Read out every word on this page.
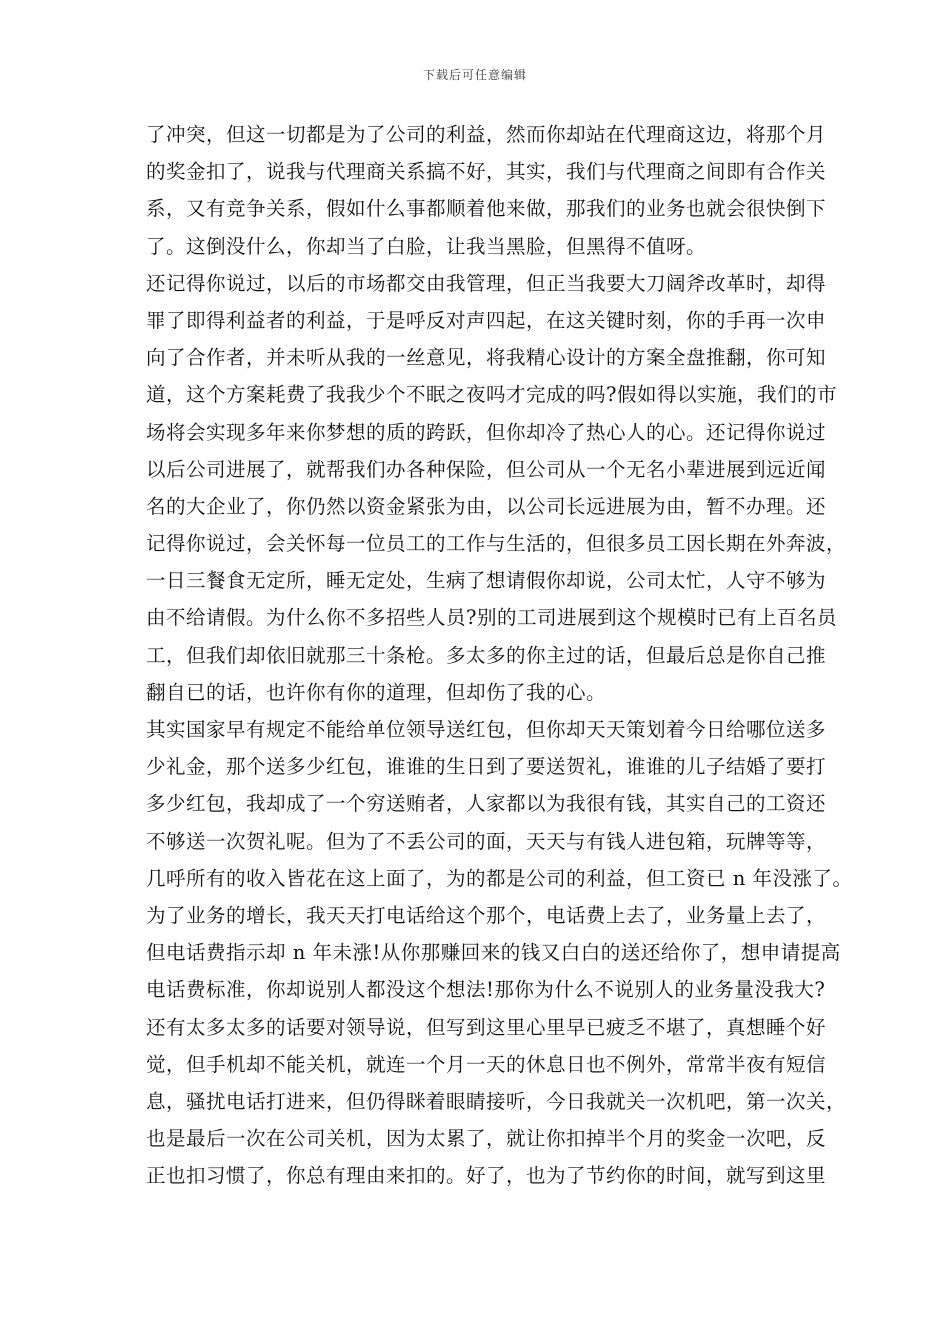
下载后可任意编辑
了冲突，但这一切都是为了公司的利益，然而你却站在代理商这边，将那个月
的奖金扣了，说我与代理商关系搞不好，其实，我们与代理商之间即有合作关
系，又有竞争关系，假如什么事都顺着他来做，那我们的业务也就会很快倒下
了。这倒没什么，你却当了白脸，让我当黑脸，但黑得不值呀。
还记得你说过，以后的市场都交由我管理，但正当我要大刀阔斧改革时，却得
罪了即得利益者的利益，于是呼反对声四起，在这关键时刻，你的手再一次申
向了合作者，并未听从我的一丝意见，将我精心设计的方案全盘推翻，你可知
道，这个方案耗费了我我少个不眠之夜吗才完成的吗?假如得以实施，我们的市
场将会实现多年来你梦想的质的跨跃，但你却冷了热心人的心。还记得你说过
以后公司进展了，就帮我们办各种保险，但公司从一个无名小辈进展到远近闻
名的大企业了，你仍然以资金紧张为由，以公司长远进展为由，暂不办理。还
记得你说过，会关怀每一位员工的工作与生活的，但很多员工因长期在外奔波，
一日三餐食无定所，睡无定处，生病了想请假你却说，公司太忙，人守不够为
由不给请假。为什么你不多招些人员?别的工司进展到这个规模时已有上百名员
工，但我们却依旧就那三十条枪。多太多的你主过的话，但最后总是你自己推
翻自已的话，也许你有你的道理，但却伤了我的心。
其实国家早有规定不能给单位领导送红包，但你却天天策划着今日给哪位送多
少礼金，那个送多少红包，谁谁的生日到了要送贺礼，谁谁的儿子结婚了要打
多少红包，我却成了一个穷送贿者，人家都以为我很有钱，其实自己的工资还
不够送一次贺礼呢。但为了不丢公司的面，天天与有钱人进包箱，玩牌等等，
几呼所有的收入皆花在这上面了，为的都是公司的利益，但工资已 n 年没涨了。
为了业务的增长，我天天打电话给这个那个，电话费上去了，业务量上去了，
但电话费指示却 n 年未涨!从你那赚回来的钱又白白的送还给你了，想申请提高
电话费标准，你却说别人都没这个想法!那你为什么不说别人的业务量没我大?
还有太多太多的话要对领导说，但写到这里心里早已疲乏不堪了，真想睡个好
觉，但手机却不能关机，就连一个月一天的休息日也不例外，常常半夜有短信
息，骚扰电话打进来，但仍得眯着眼睛接听，今日我就关一次机吧，第一次关，
也是最后一次在公司关机，因为太累了，就让你扣掉半个月的奖金一次吧，反
正也扣习惯了，你总有理由来扣的。好了，也为了节约你的时间，就写到这里
